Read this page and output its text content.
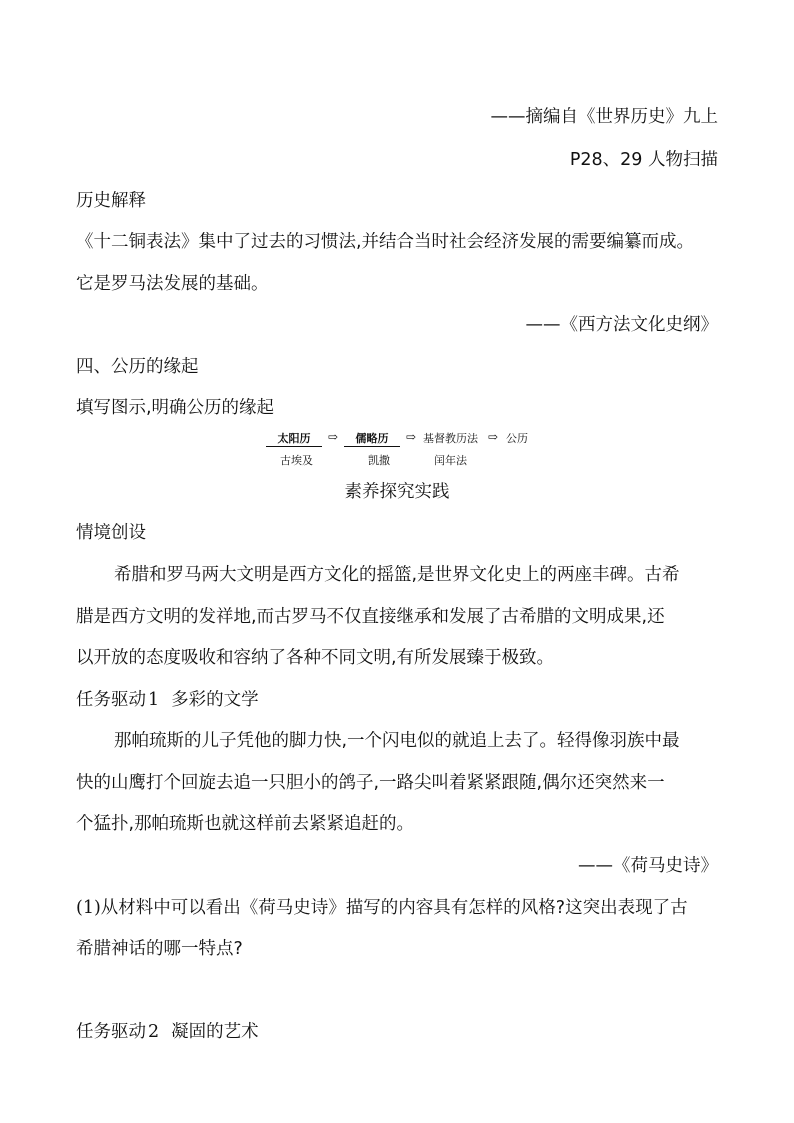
——摘编自《世界历史》九上
P28、29 人物扫描
历史解释
《十二铜表法》集中了过去的习惯法,并结合当时社会经济发展的需要编纂而成。
它是罗马法发展的基础。
——《西方法文化史纲》
四、公历的缘起
填写图示,明确公历的缘起
太阳历	⇨	儒略历	⇨ 基督教历法 ⇨ 公历
古埃及	凯撒	闰年法
素养探究实践
情境创设
希腊和罗马两大文明是西方文化的摇篮,是世界文化史上的两座丰碑。古希
腊是西方文明的发祥地,而古罗马不仅直接继承和发展了古希腊的文明成果,还
以开放的态度吸收和容纳了各种不同文明,有所发展臻于极致。
任务驱动 1 多彩的文学
那帕琉斯的儿子凭他的脚力快,一个闪电似的就追上去了。轻得像羽族中最
快的山鹰打个回旋去追一只胆小的鸽子,一路尖叫着紧紧跟随,偶尔还突然来一
个猛扑,那帕琉斯也就这样前去紧紧追赶的。
——《荷马史诗》
(1)从材料中可以看出《荷马史诗》描写的内容具有怎样的风格?这突出表现了古
希腊神话的哪一特点?
任务驱动 2 凝固的艺术
